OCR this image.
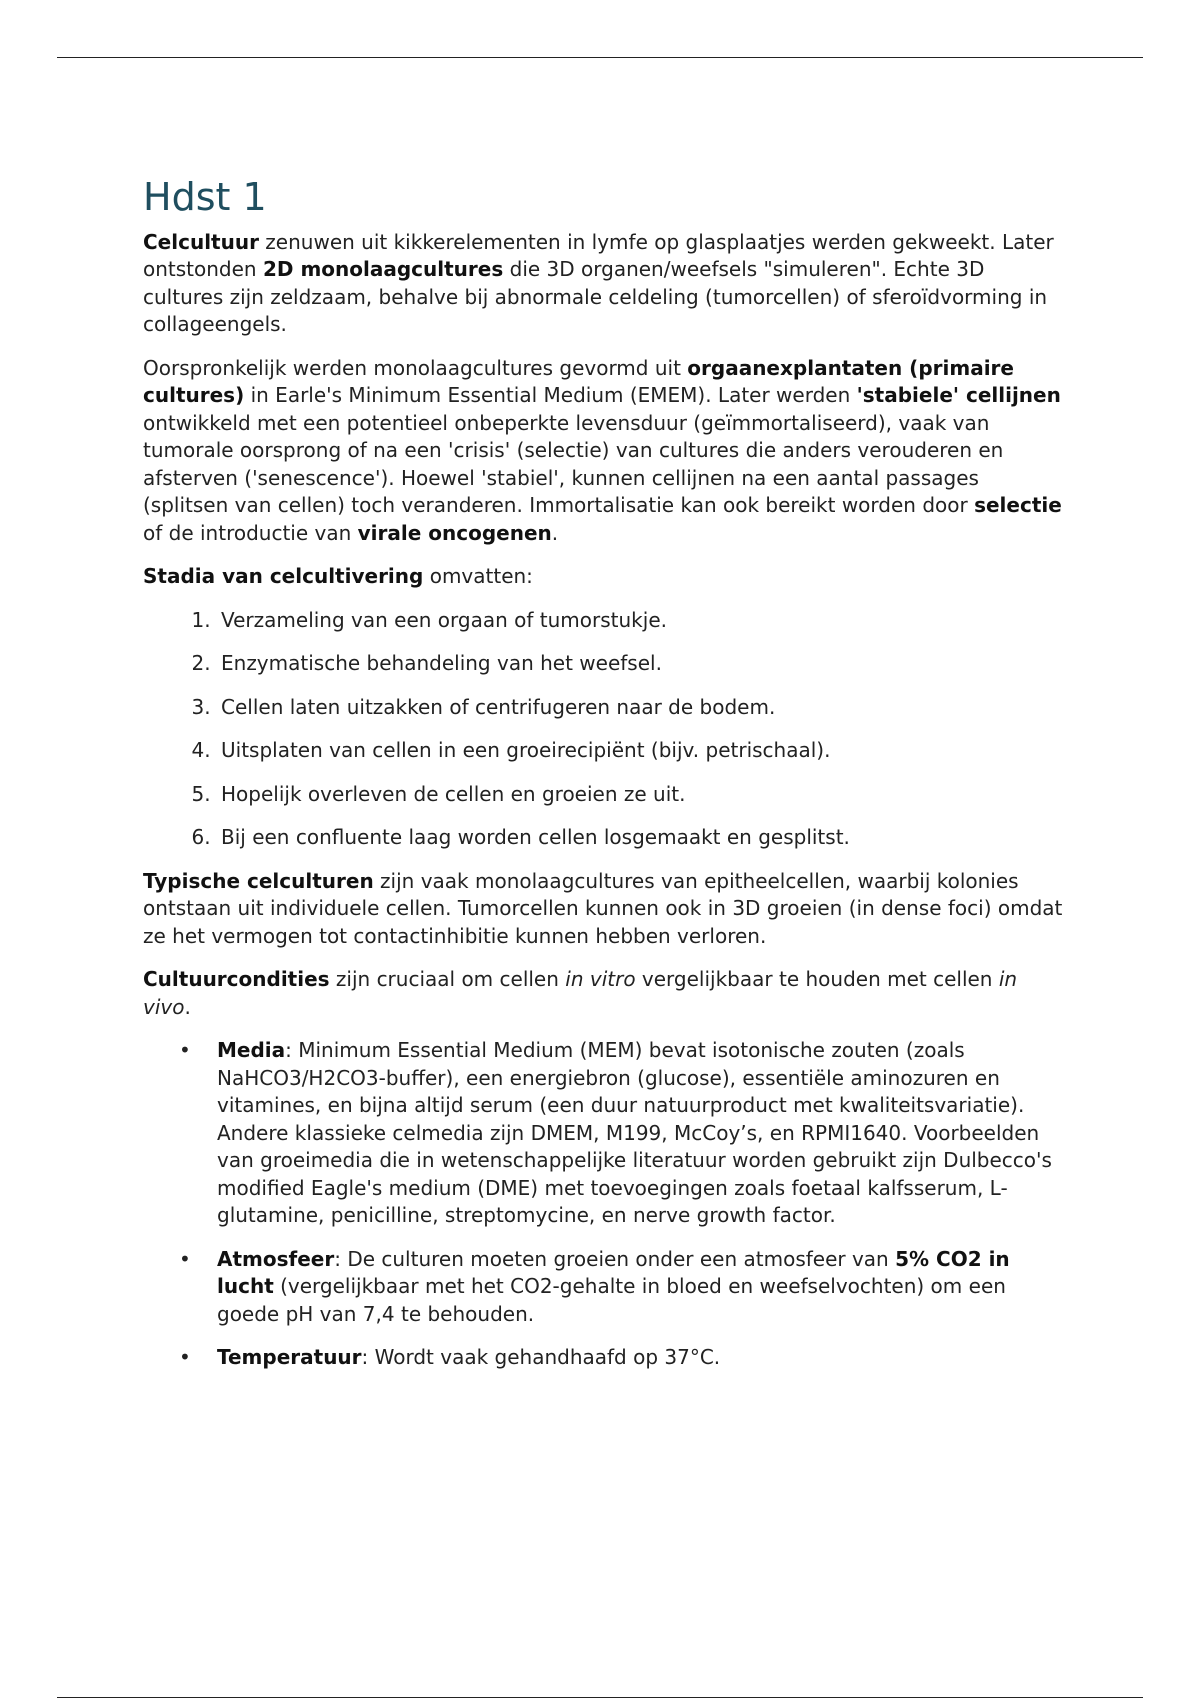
Hdst 1

Celcultuur zenuwen uit kikkerelementen in lymfe op glasplaatjes werden gekweekt. Later ontstonden 2D monolaagcultures die 3D organen/weefsels "simuleren". Echte 3D cultures zijn zeldzaam, behalve bij abnormale celdeling (tumorcellen) of sferoïdvorming in collageengels.

Oorspronkelijk werden monolaagcultures gevormd uit orgaanexplantaten (primaire cultures) in Earle's Minimum Essential Medium (EMEM). Later werden 'stabiele' cellijnen ontwikkeld met een potentieel onbeperkte levensduur (geïmmortaliseerd), vaak van tumorale oorsprong of na een 'crisis' (selectie) van cultures die anders verouderen en afsterven ('senescence'). Hoewel 'stabiel', kunnen cellijnen na een aantal passages (splitsen van cellen) toch veranderen. Immortalisatie kan ook bereikt worden door selectie of de introductie van virale oncogenen.

Stadia van celcultivering omvatten:

1. Verzameling van een orgaan of tumorstukje.
2. Enzymatische behandeling van het weefsel.
3. Cellen laten uitzakken of centrifugeren naar de bodem.
4. Uitsplaten van cellen in een groeirecipiënt (bijv. petrischaal).
5. Hopelijk overleven de cellen en groeien ze uit.
6. Bij een confluente laag worden cellen losgemaakt en gesplitst.

Typische celculturen zijn vaak monolaagcultures van epitheelcellen, waarbij kolonies ontstaan uit individuele cellen. Tumorcellen kunnen ook in 3D groeien (in dense foci) omdat ze het vermogen tot contactinhibitie kunnen hebben verloren.

Cultuurcondities zijn cruciaal om cellen in vitro vergelijkbaar te houden met cellen in vivo.

• Media: Minimum Essential Medium (MEM) bevat isotonische zouten (zoals NaHCO3/H2CO3-buffer), een energiebron (glucose), essentiële aminozuren en vitamines, en bijna altijd serum (een duur natuurproduct met kwaliteitsvariatie). Andere klassieke celmedia zijn DMEM, M199, McCoy’s, en RPMI1640. Voorbeelden van groeimedia die in wetenschappelijke literatuur worden gebruikt zijn Dulbecco's modified Eagle's medium (DME) met toevoegingen zoals foetaal kalfsserum, L-glutamine, penicilline, streptomycine, en nerve growth factor.
• Atmosfeer: De culturen moeten groeien onder een atmosfeer van 5% CO2 in lucht (vergelijkbaar met het CO2-gehalte in bloed en weefselvochten) om een goede pH van 7,4 te behouden.
• Temperatuur: Wordt vaak gehandhaafd op 37°C.
